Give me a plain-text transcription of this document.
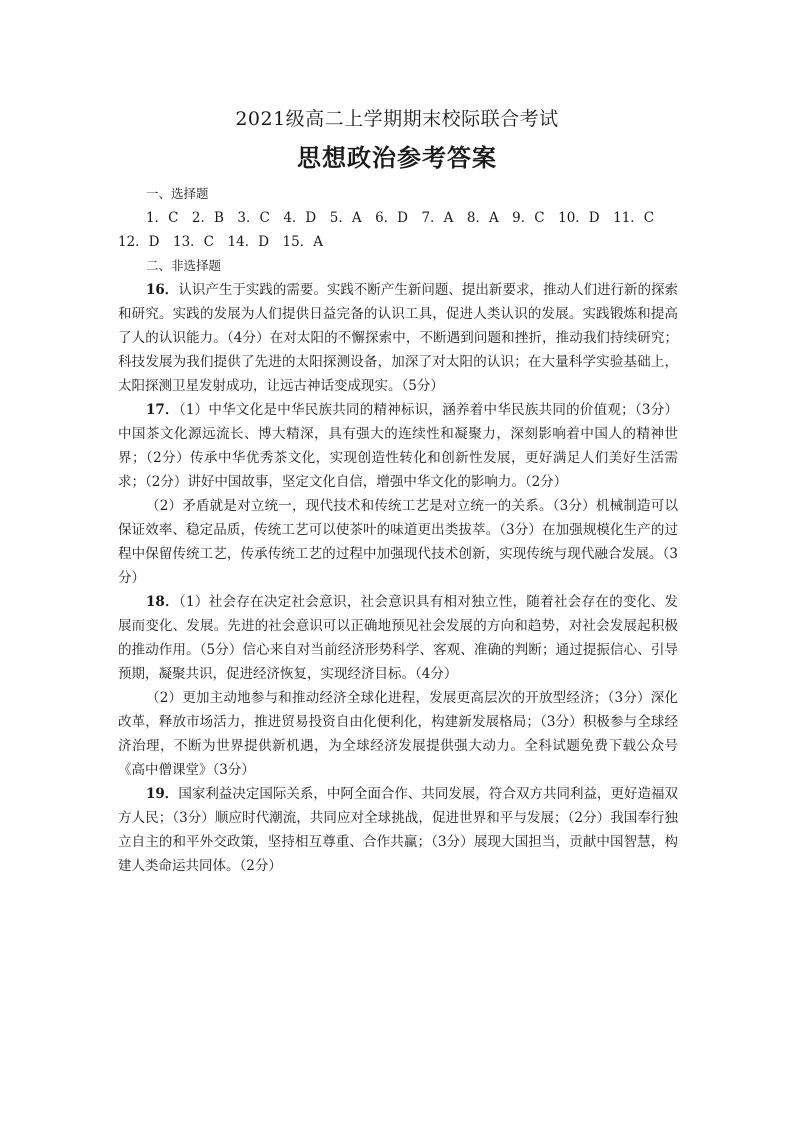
2021级高二上学期期末校际联合考试
思想政治参考答案

一、选择题

1．C　2．B　3．C　4．D　5．A　6．D　7．A　8．A　9．C　10．D　11．C　12．D　13．C　14．D　15．A

二、非选择题

16．认识产生于实践的需要。实践不断产生新问题、提出新要求，推动人们进行新的探索和研究。实践的发展为人们提供日益完备的认识工具，促进人类认识的发展。实践锻炼和提高了人的认识能力。（4分）在对太阳的不懈探索中，不断遇到问题和挫折，推动我们持续研究；科技发展为我们提供了先进的太阳探测设备，加深了对太阳的认识；在大量科学实验基础上，太阳探测卫星发射成功，让远古神话变成现实。（5分）

17．（1）中华文化是中华民族共同的精神标识，涵养着中华民族共同的价值观；（3分）中国茶文化源远流长、博大精深，具有强大的连续性和凝聚力，深刻影响着中国人的精神世界；（2分）传承中华优秀茶文化，实现创造性转化和创新性发展，更好满足人们美好生活需求；（2分）讲好中国故事，坚定文化自信，增强中华文化的影响力。（2分）

（2）矛盾就是对立统一，现代技术和传统工艺是对立统一的关系。（3分）机械制造可以保证效率、稳定品质，传统工艺可以使茶叶的味道更出类拔萃。（3分）在加强规模化生产的过程中保留传统工艺，传承传统工艺的过程中加强现代技术创新，实现传统与现代融合发展。（3分）

18．（1）社会存在决定社会意识，社会意识具有相对独立性，随着社会存在的变化、发展而变化、发展。先进的社会意识可以正确地预见社会发展的方向和趋势，对社会发展起积极的推动作用。（5分）信心来自对当前经济形势科学、客观、准确的判断；通过提振信心、引导预期，凝聚共识，促进经济恢复，实现经济目标。（4分）

（2）更加主动地参与和推动经济全球化进程，发展更高层次的开放型经济；（3分）深化改革，释放市场活力，推进贸易投资自由化便利化，构建新发展格局；（3分）积极参与全球经济治理，不断为世界提供新机遇，为全球经济发展提供强大动力。全科试题免费下载公众号《高中僧课堂》（3分）

19．国家利益决定国际关系，中阿全面合作、共同发展，符合双方共同利益，更好造福双方人民；（3分）顺应时代潮流，共同应对全球挑战，促进世界和平与发展；（2分）我国奉行独立自主的和平外交政策，坚持相互尊重、合作共赢；（3分）展现大国担当，贡献中国智慧，构建人类命运共同体。（2分）
